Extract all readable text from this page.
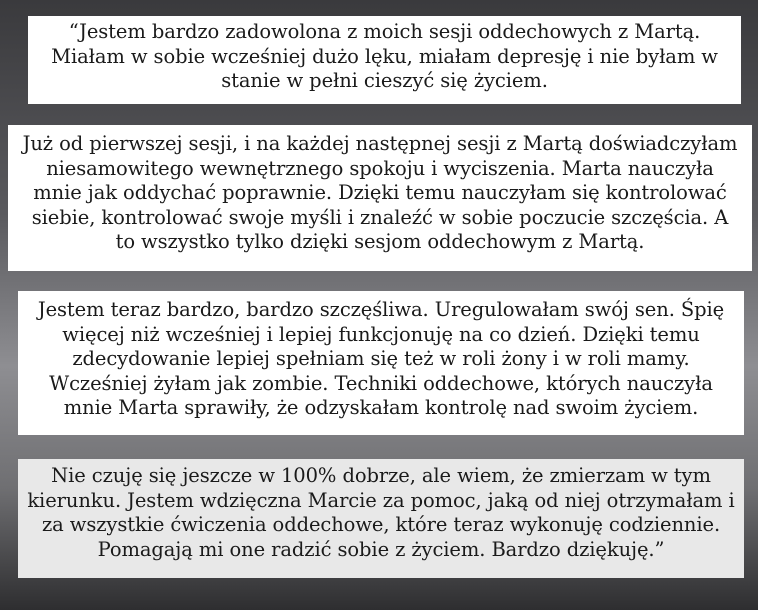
“Jestem bardzo zadowolona z moich sesji oddechowych z Martą.
Miałam w sobie wcześniej dużo lęku, miałam depresję i nie byłam w
stanie w pełni cieszyć się życiem.
Już od pierwszej sesji, i na każdej następnej sesji z Martą doświadczyłam
niesamowitego wewnętrznego spokoju i wyciszenia. Marta nauczyła
mnie jak oddychać poprawnie. Dzięki temu nauczyłam się kontrolować
siebie, kontrolować swoje myśli i znaleźć w sobie poczucie szczęścia. A
to wszystko tylko dzięki sesjom oddechowym z Martą.
Jestem teraz bardzo, bardzo szczęśliwa. Uregulowałam swój sen. Śpię
więcej niż wcześniej i lepiej funkcjonuję na co dzień. Dzięki temu
zdecydowanie lepiej spełniam się też w roli żony i w roli mamy.
Wcześniej żyłam jak zombie. Techniki oddechowe, których nauczyła
mnie Marta sprawiły, że odzyskałam kontrolę nad swoim życiem.
Nie czuję się jeszcze w 100% dobrze, ale wiem, że zmierzam w tym
kierunku. Jestem wdzięczna Marcie za pomoc, jaką od niej otrzymałam i
za wszystkie ćwiczenia oddechowe, które teraz wykonuję codziennie.
Pomagają mi one radzić sobie z życiem. Bardzo dziękuję.”
